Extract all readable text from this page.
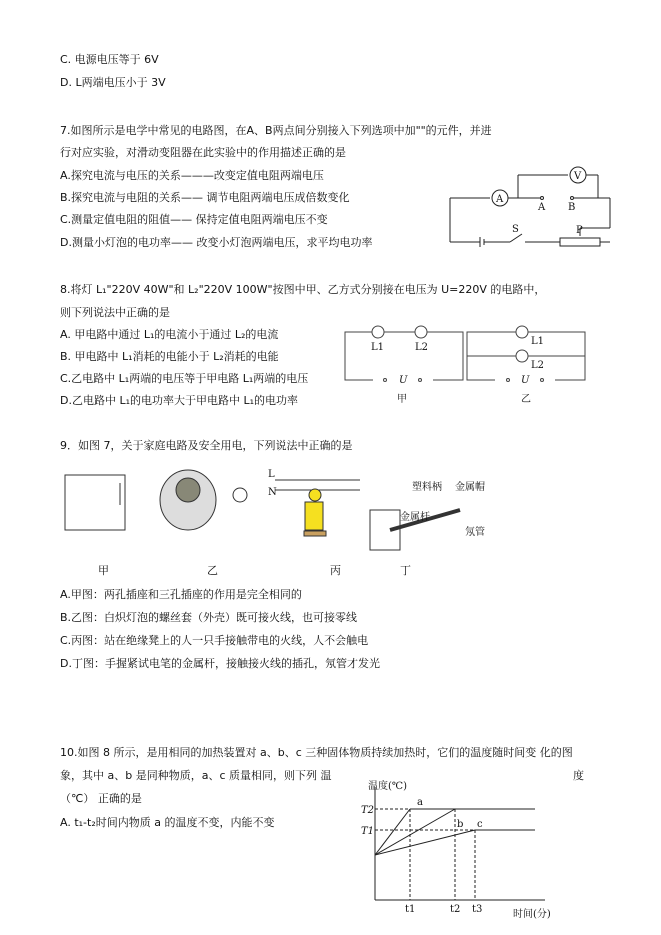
C. 电源电压等于 6V
D. L两端电压小于 3V
7.如图所示是电学中常见的电路图，在A、B两点间分别接入下列选项中加""的元件，并进
行对应实验，对滑动变阻器在此实验中的作用描述正确的是
A.探究电流与电压的关系———改变定值电阻两端电压
B.探究电流与电阻的关系—— 调节电阻两端电压成倍数变化
C.测量定值电阻的阻值—— 保持定值电阻两端电压不变
D.测量小灯泡的电功率—— 改变小灯泡两端电压，求平均电功率
A
V
A B
S	P
8.将灯 L₁"220V 40W"和 L₂"220V 100W"按图中甲、乙方式分别接在电压为 U=220V 的电路中，
则下列说法中正确的是
A. 甲电路中通过 L₁的电流小于通过 L₂的电流
B. 甲电路中 L₁消耗的电能小于 L₂消耗的电能
C.乙电路中 L₁两端的电压等于甲电路 L₁两端的电压
D.乙电路中 L₁的电功率大于甲电路中 L₁的电功率
L1	L2
U
甲
L1
L2
U
乙
9．如图 7，关于家庭电路及安全用电，下列说法中正确的是
L
N	塑料柄 金属帽
金属杆
氖管
甲	乙	丙	丁
A.甲图：两孔插座和三孔插座的作用是完全相同的
B.乙图：白炽灯泡的螺丝套（外壳）既可接火线，也可接零线
C.丙图：站在绝缘凳上的人一只手接触带电的火线，人不会触电
D.丁图：手握紧试电笔的金属杆，接触接火线的插孔，氖管才发光
10.如图 8 所示，是用相同的加热装置对 a、b、c 三种固体物质持续加热时，它们的温度随时间变 化的图
象，其中 a、b 是同种物质，a、c 质量相同，则下列 温	度
（℃） 正确的是
A. t₁-t₂时间内物质 a 的温度不变，内能不变
温度(℃)
时间(分)
T2
T1
a
b c
t1	t2 t3
